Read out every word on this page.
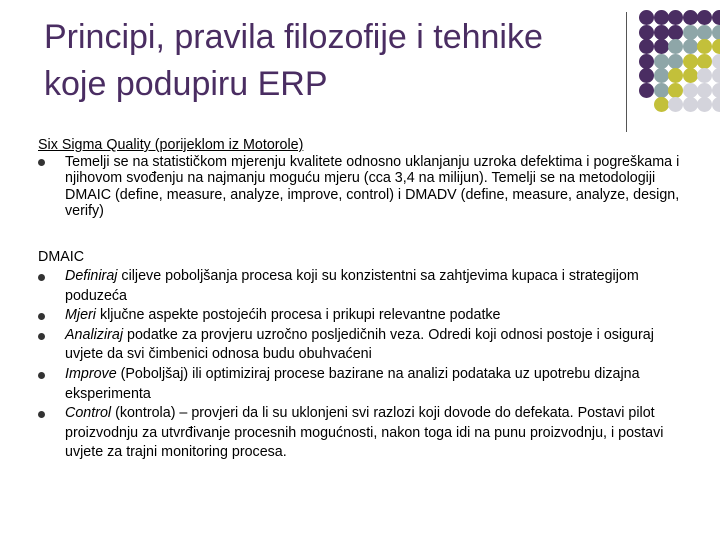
Principi, pravila filozofije i tehnike koje podupiru ERP

Six Sigma Quality (porijeklom iz Motorole)

Temelji se na statističkom mjerenju kvalitete odnosno uklanjanju uzroka defektima i pogreškama i njihovom svođenju na najmanju moguću mjeru (cca 3,4 na milijun). Temelji se na metodologiji DMAIC (define, measure, analyze, improve, control) i DMADV (define, measure, analyze, design, verify)

DMAIC

Definiraj ciljeve poboljšanja procesa koji su konzistentni sa zahtjevima kupaca i strategijom poduzeća

Mjeri ključne aspekte postojećih procesa i prikupi relevantne podatke

Analiziraj podatke za provjeru uzročno posljedičnih veza. Odredi koji odnosi postoje i osiguraj uvjete da svi čimbenici odnosa budu obuhvaćeni

Improve (Poboljšaj) ili optimiziraj procese bazirane na analizi podataka uz upotrebu dizajna eksperimenta

Control (kontrola) – provjeri da li su uklonjeni svi razlozi koji dovode do defekata. Postavi pilot proizvodnju za utvrđivanje procesnih mogućnosti, nakon toga idi na punu proizvodnju, i postavi uvjete za trajni monitoring procesa.
